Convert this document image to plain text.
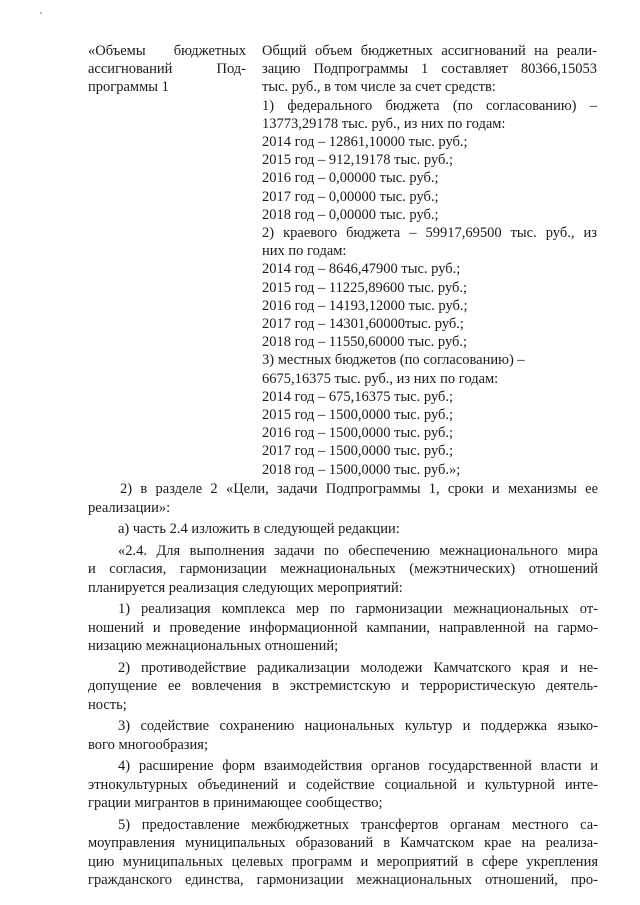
«Объемы бюджетных
ассигнований Под-
программы 1
Общий объем бюджетных ассигнований на реали-
зацию Подпрограммы 1 составляет 80366,15053
тыс. руб., в том числе за счет средств:
1) федерального бюджета (по согласованию) –
13773,29178 тыс. руб., из них по годам:
2014 год – 12861,10000 тыс. руб.;
2015 год – 912,19178 тыс. руб.;
2016 год – 0,00000 тыс. руб.;
2017 год – 0,00000 тыс. руб.;
2018 год – 0,00000 тыс. руб.;
2) краевого бюджета – 59917,69500 тыс. руб., из
них по годам:
2014 год – 8646,47900 тыс. руб.;
2015 год – 11225,89600 тыс. руб.;
2016 год – 14193,12000 тыс. руб.;
2017 год – 14301,60000тыс. руб.;
2018 год – 11550,60000 тыс. руб.;
3) местных бюджетов (по согласованию) –
6675,16375 тыс. руб., из них по годам:
2014 год – 675,16375 тыс. руб.;
2015 год – 1500,0000 тыс. руб.;
2016 год – 1500,0000 тыс. руб.;
2017 год – 1500,0000 тыс. руб.;
2018 год – 1500,0000 тыс. руб.»;
2) в разделе 2 «Цели, задачи Подпрограммы 1, сроки и механизмы ее
реализации»:
а) часть 2.4 изложить в следующей редакции:
«2.4. Для выполнения задачи по обеспечению межнационального мира
и согласия, гармонизации межнациональных (межэтнических) отношений
планируется реализация следующих мероприятий:
1) реализация комплекса мер по гармонизации межнациональных от-
ношений и проведение информационной кампании, направленной на гармо-
низацию межнациональных отношений;
2) противодействие радикализации молодежи Камчатского края и не-
допущение ее вовлечения в экстремистскую и террористическую деятель-
ность;
3) содействие сохранению национальных культур и поддержка языко-
вого многообразия;
4) расширение форм взаимодействия органов государственной власти и
этнокультурных объединений и содействие социальной и культурной интe-
грации мигрантов в принимающее сообщество;
5) предоставление межбюджетных трансфертов органам местного са-
моуправления муниципальных образований в Камчатском крае на реализа-
цию муниципальных целевых программ и мероприятий в сфере укрепления
гражданского единства, гармонизации межнациональных отношений, про-
